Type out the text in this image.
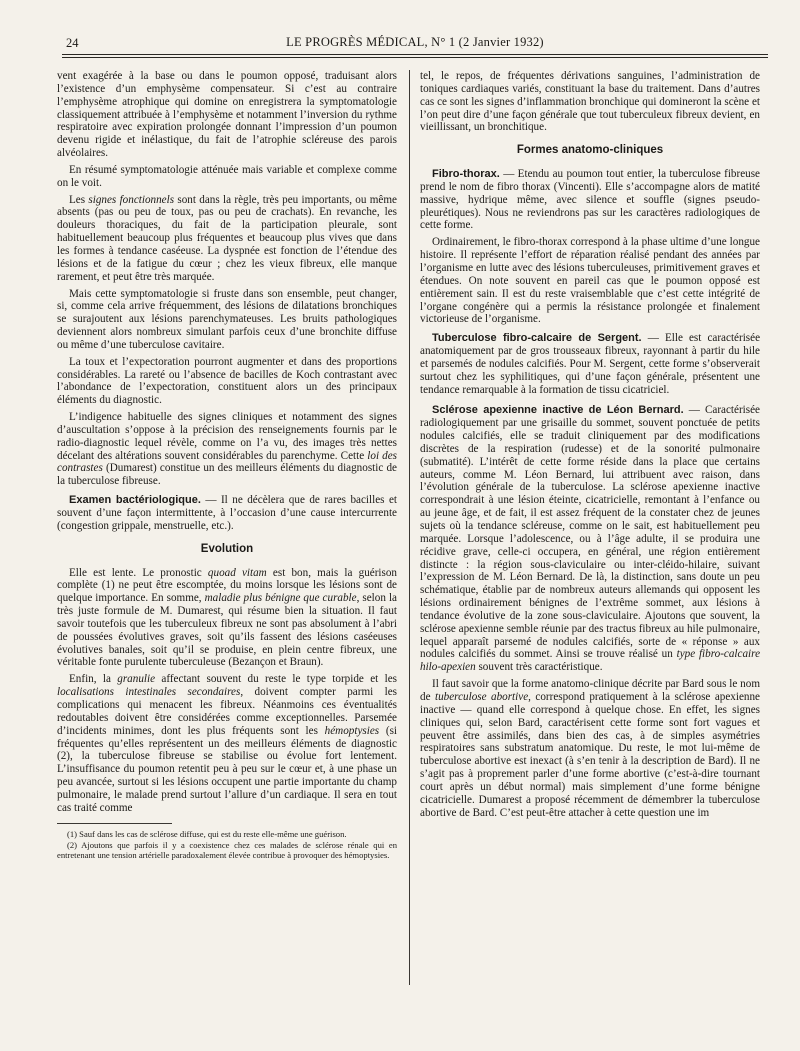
24	LE PROGRÈS MÉDICAL, N° 1 (2 Janvier 1932)

vent exagérée à la base ou dans le poumon opposé, traduisant alors l’existence d’un emphysème compensateur. Si c’est au contraire l’emphysème atrophique qui domine on enregistrera la symptomatologie classiquement attribuée à l’emphysème et notamment l’inversion du rythme respiratoire avec expiration prolongée donnant l’impression d’un poumon devenu rigide et inélastique, du fait de l’atrophie scléreuse des parois alvéolaires.

En résumé symptomatologie atténuée mais variable et complexe comme on le voit.

Les signes fonctionnels sont dans la règle, très peu importants, ou même absents (pas ou peu de toux, pas ou peu de crachats). En revanche, les douleurs thoraciques, du fait de la participation pleurale, sont habituellement beaucoup plus fréquentes et beaucoup plus vives que dans les formes à tendance caséeuse. La dyspnée est fonction de l’étendue des lésions et de la fatigue du cœur ; chez les vieux fibreux, elle manque rarement, et peut être très marquée.

Mais cette symptomatologie si fruste dans son ensemble, peut changer, si, comme cela arrive fréquemment, des lésions de dilatations bronchiques se surajoutent aux lésions parenchymateuses. Les bruits pathologiques deviennent alors nombreux simulant parfois ceux d’une bronchite diffuse ou même d’une tuberculose cavitaire.

La toux et l’expectoration pourront augmenter et dans des proportions considérables. La rareté ou l’absence de bacilles de Koch contrastant avec l’abondance de l’expectoration, constituent alors un des principaux éléments du diagnostic.

L’indigence habituelle des signes cliniques et notamment des signes d’auscultation s’oppose à la précision des renseignements fournis par le radio-diagnostic lequel révèle, comme on l’a vu, des images très nettes décelant des altérations souvent considérables du parenchyme. Cette loi des contrastes (Dumarest) constitue un des meilleurs éléments du diagnostic de la tuberculose fibreuse.

Examen bactériologique. — Il ne décèlera que de rares bacilles et souvent d’une façon intermittente, à l’occasion d’une cause intercurrente (congestion grippale, menstruelle, etc.).

Evolution

Elle est lente. Le pronostic quoad vitam est bon, mais la guérison complète (1) ne peut être escomptée, du moins lorsque les lésions sont de quelque importance. En somme, maladie plus bénigne que curable, selon la très juste formule de M. Dumarest, qui résume bien la situation. Il faut savoir toutefois que les tuberculeux fibreux ne sont pas absolument à l’abri de poussées évolutives graves, soit qu’ils fassent des lésions caséeuses évolutives banales, soit qu’il se produise, en plein centre fibreux, une véritable fonte purulente tuberculeuse (Bezançon et Braun).

Enfin, la granulie affectant souvent du reste le type torpide et les localisations intestinales secondaires, doivent compter parmi les complications qui menacent les fibreux. Néanmoins ces éventualités redoutables doivent être considérées comme exceptionnelles. Parsemée d’incidents minimes, dont les plus fréquents sont les hémoptysies (si fréquentes qu’elles représentent un des meilleurs éléments de diagnostic (2), la tuberculose fibreuse se stabilise ou évolue fort lentement. L’insuffisance du poumon retentit peu à peu sur le cœur et, à une phase un peu avancée, surtout si les lésions occupent une partie importante du champ pulmonaire, le malade prend surtout l’allure d’un cardiaque. Il sera en tout cas traité comme

(1) Sauf dans les cas de sclérose diffuse, qui est du reste elle-même une guérison.

(2) Ajoutons que parfois il y a coexistence chez ces malades de sclérose rénale qui en entretenant une tension artérielle paradoxalement élevée contribue à provoquer des hémoptysies.

tel, le repos, de fréquentes dérivations sanguines, l’administration de toniques cardiaques variés, constituant la base du traitement. Dans d’autres cas ce sont les signes d’inflammation bronchique qui domineront la scène et l’on peut dire d’une façon générale que tout tuberculeux fibreux devient, en vieillissant, un bronchitique.

Formes anatomo-cliniques

Fibro-thorax. — Etendu au poumon tout entier, la tuberculose fibreuse prend le nom de fibro thorax (Vincenti). Elle s’accompagne alors de matité massive, hydrique même, avec silence et souffle (signes pseudo-pleurétiques). Nous ne reviendrons pas sur les caractères radiologiques de cette forme.

Ordinairement, le fibro-thorax correspond à la phase ultime d’une longue histoire. Il représente l’effort de réparation réalisé pendant des années par l’organisme en lutte avec des lésions tuberculeuses, primitivement graves et étendues. On note souvent en pareil cas que le poumon opposé est entièrement sain. Il est du reste vraisemblable que c’est cette intégrité de l’organe congénère qui a permis la résistance prolongée et finalement victorieuse de l’organisme.

Tuberculose fibro-calcaire de Sergent. — Elle est caractérisée anatomiquement par de gros trousseaux fibreux, rayonnant à partir du hile et parsemés de nodules calcifiés. Pour M. Sergent, cette forme s’observerait surtout chez les syphilitiques, qui d’une façon générale, présentent une tendance remarquable à la formation de tissu cicatriciel.

Sclérose apexienne inactive de Léon Bernard. — Caractérisée radiologiquement par une grisaille du sommet, souvent ponctuée de petits nodules calcifiés, elle se traduit cliniquement par des modifications discrètes de la respiration (rudesse) et de la sonorité pulmonaire (submatité). L’intérêt de cette forme réside dans la place que certains auteurs, comme M. Léon Bernard, lui attribuent avec raison, dans l’évolution générale de la tuberculose. La sclérose apexienne inactive correspondrait à une lésion éteinte, cicatricielle, remontant à l’enfance ou au jeune âge, et de fait, il est assez fréquent de la constater chez de jeunes sujets où la tendance scléreuse, comme on le sait, est habituellement peu marquée. Lorsque l’adolescence, ou à l’âge adulte, il se produira une récidive grave, celle-ci occupera, en général, une région entièrement distincte : la région sous-claviculaire ou inter-cléido-hilaire, suivant l’expression de M. Léon Bernard. De là, la distinction, sans doute un peu schématique, établie par de nombreux auteurs allemands qui opposent les lésions ordinairement bénignes de l’extrême sommet, aux lésions à tendance évolutive de la zone sous-claviculaire. Ajoutons que souvent, la sclérose apexienne semble réunie par des tractus fibreux au hile pulmonaire, lequel apparaît parsemé de nodules calcifiés, sorte de « réponse » aux nodules calcifiés du sommet. Ainsi se trouve réalisé un type fibro-calcaire hilo-apexien souvent très caractéristique.

Il faut savoir que la forme anatomo-clinique décrite par Bard sous le nom de tuberculose abortive, correspond pratiquement à la sclérose apexienne inactive — quand elle correspond à quelque chose. En effet, les signes cliniques qui, selon Bard, caractérisent cette forme sont fort vagues et peuvent être assimilés, dans bien des cas, à de simples asymétries respiratoires sans substratum anatomique. Du reste, le mot lui-même de tuberculose abortive est inexact (à s’en tenir à la description de Bard). Il ne s’agit pas à proprement parler d’une forme abortive (c’est-à-dire tournant court après un début normal) mais simplement d’une forme bénigne cicatricielle. Dumarest a proposé récemment de démembrer la tuberculose abortive de Bard. C’est peut-être attacher à cette question une im
